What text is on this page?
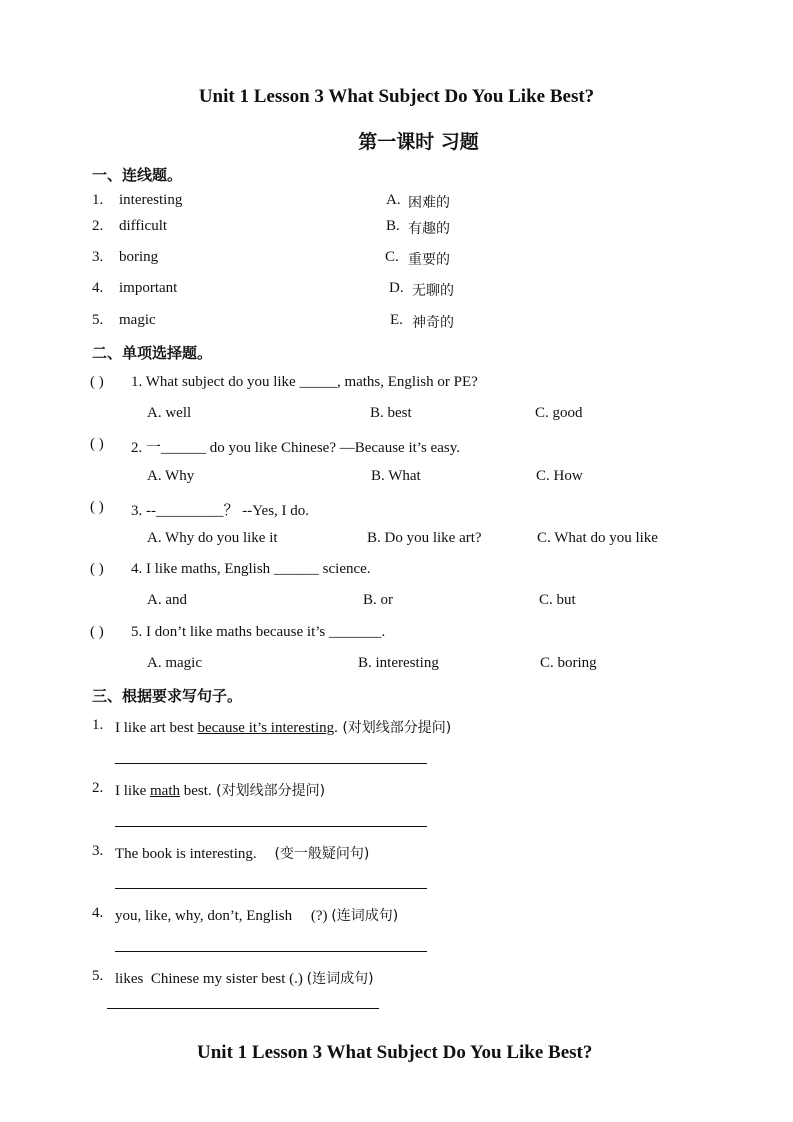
Unit 1 Lesson 3 What Subject Do You Like Best?
第一课时 习题
一、连线题。
1. interesting	A. 困难的
2. difficult	B. 有趣的
3. boring	C. 重要的
4. important	D. 无聊的
5. magic	E. 神奇的
二、单项选择题。
( ) 1. What subject do you like _____, maths, English or PE?
A. well	B. best	C. good
( ) 2. 一______ do you like Chinese? —Because it’s easy.
A. Why	B. What	C. How
( ) 3. --_________？ --Yes, I do.
A. Why do you like it	B. Do you like art?	C. What do you like
( ) 4. I like maths, English ______ science.
A. and	B. or	C. but
( ) 5. I don’t like maths because it’s _______.
A. magic	B. interesting	C. boring
三、根据要求写句子。
1. I like art best because it’s interesting. (对划线部分提问)
2. I like math best. (对划线部分提问)
3. The book is interesting.    (变一般疑问句)
4. you, like, why, don’t, English     (?) (连词成句)
5. likes  Chinese my sister best (.) (连词成句)
Unit 1 Lesson 3 What Subject Do You Like Best?
